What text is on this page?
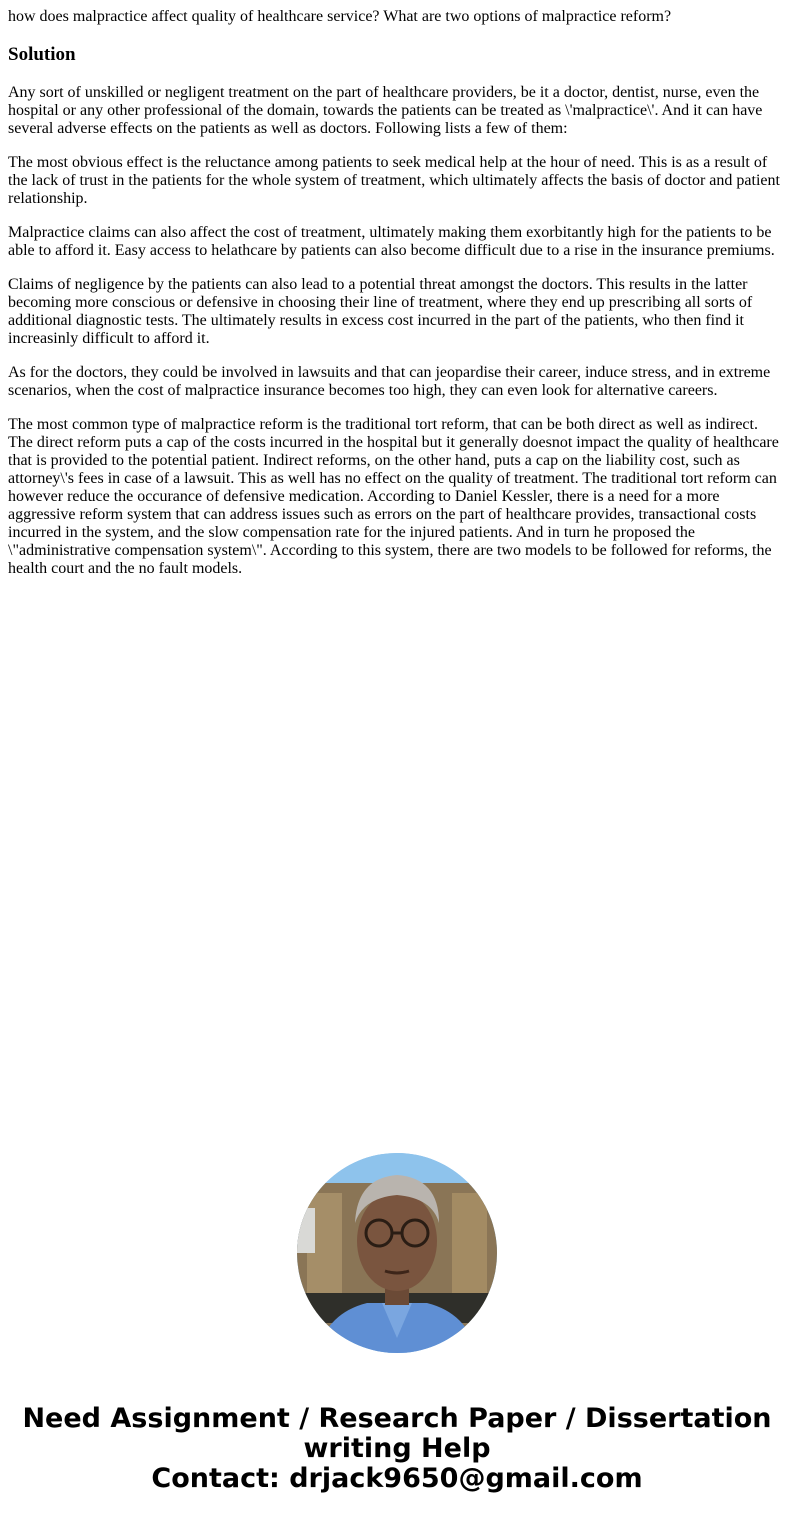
how does malpractice affect quality of healthcare service? What are two options of malpractice reform?
Solution

Any sort of unskilled or negligent treatment on the part of healthcare providers, be it a doctor, dentist, nurse, even the hospital or any other professional of the domain, towards the patients can be treated as \'malpractice\'. And it can have several adverse effects on the patients as well as doctors. Following lists a few of them:

The most obvious effect is the reluctance among patients to seek medical help at the hour of need. This is as a result of the lack of trust in the patients for the whole system of treatment, which ultimately affects the basis of doctor and patient relationship.

Malpractice claims can also affect the cost of treatment, ultimately making them exorbitantly high for the patients to be able to afford it. Easy access to helathcare by patients can also become difficult due to a rise in the insurance premiums.

Claims of negligence by the patients can also lead to a potential threat amongst the doctors. This results in the latter becoming more conscious or defensive in choosing their line of treatment, where they end up prescribing all sorts of additional diagnostic tests. The ultimately results in excess cost incurred in the part of the patients, who then find it increasinly difficult to afford it.

As for the doctors, they could be involved in lawsuits and that can jeopardise their career, induce stress, and in extreme scenarios, when the cost of malpractice insurance becomes too high, they can even look for alternative careers.

The most common type of malpractice reform is the traditional tort reform, that can be both direct as well as indirect. The direct reform puts a cap of the costs incurred in the hospital but it generally doesnot impact the quality of healthcare that is provided to the potential patient. Indirect reforms, on the other hand, puts a cap on the liability cost, such as attorney\'s fees in case of a lawsuit. This as well has no effect on the quality of treatment. The traditional tort reform can however reduce the occurance of defensive medication. According to Daniel Kessler, there is a need for a more aggressive reform system that can address issues such as errors on the part of healthcare provides, transactional costs incurred in the system, and the slow compensation rate for the injured patients. And in turn he proposed the \"administrative compensation system\". According to this system, there are two models to be followed for reforms, the health court and the no fault models.

Need Assignment / Research Paper / Dissertation
writing Help
Contact: drjack9650@gmail.com
